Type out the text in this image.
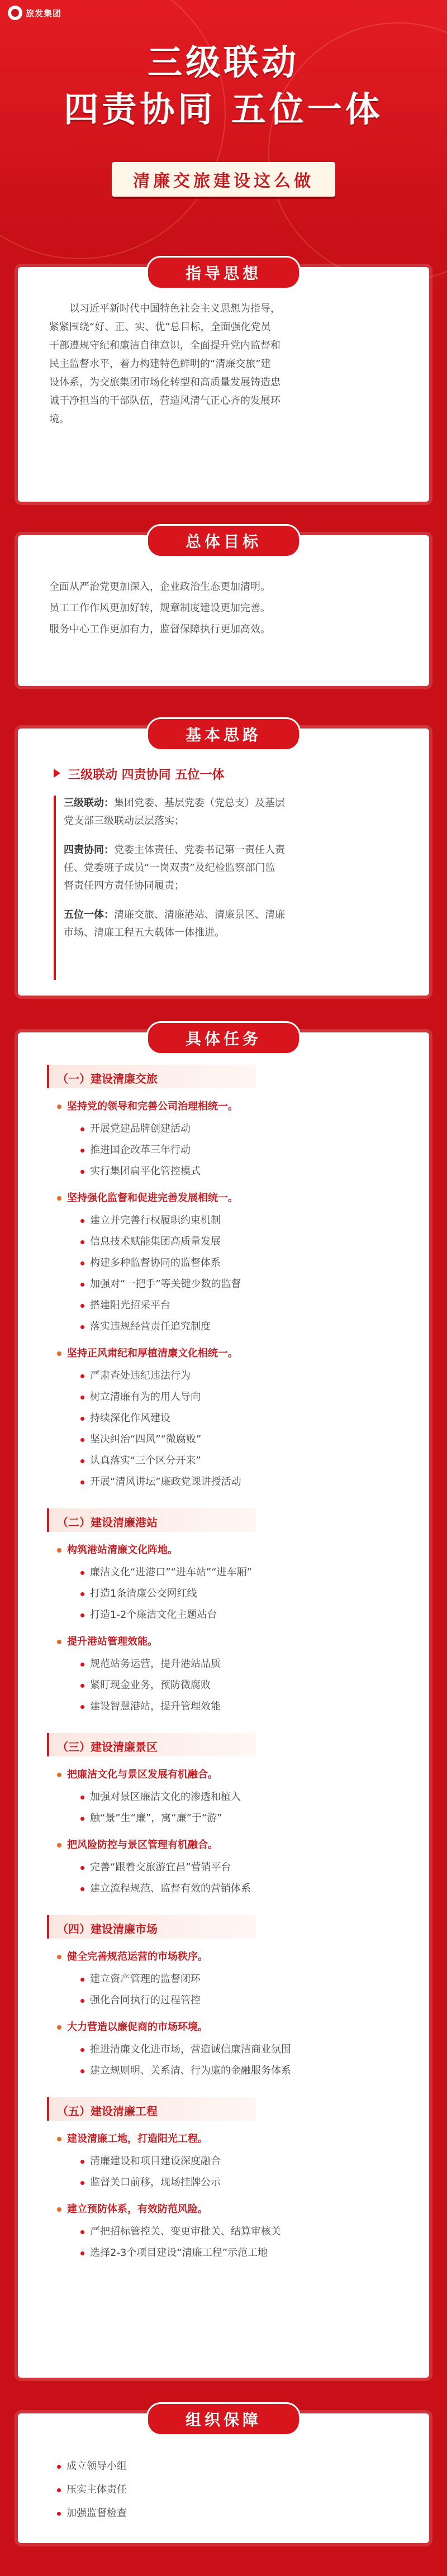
旅发集团
三级联动
四责协同 五位一体
清廉交旅建设这么做
指导思想
以习近平新时代中国特色社会主义思想为指导，
紧紧围绕“好、正、实、优”总目标，全面强化党员
干部遵规守纪和廉洁自律意识，全面提升党内监督和
民主监督水平，着力构建特色鲜明的“清廉交旅”建
设体系，为交旅集团市场化转型和高质量发展铸造忠
诚干净担当的干部队伍，营造风清气正心齐的发展环
境。
总体目标
全面从严治党更加深入，企业政治生态更加清明。
员工工作作风更加好转，规章制度建设更加完善。
服务中心工作更加有力，监督保障执行更加高效。
基本思路
三级联动 四责协同 五位一体
三级联动：集团党委、基层党委（党总支）及基层
党支部三级联动层层落实；
四责协同：党委主体责任、党委书记第一责任人责
任、党委班子成员“一岗双责”及纪检监察部门监
督责任四方责任协同履责；
五位一体：清廉交旅、清廉港站、清廉景区、清廉
市场、清廉工程五大载体一体推进。
具体任务
（一）建设清廉交旅
坚持党的领导和完善公司治理相统一。
开展党建品牌创建活动
推进国企改革三年行动
实行集团扁平化管控模式
坚持强化监督和促进完善发展相统一。
建立并完善行权履职约束机制
信息技术赋能集团高质量发展
构建多种监督协同的监督体系
加强对“一把手”等关键少数的监督
搭建阳光招采平台
落实违规经营责任追究制度
坚持正风肃纪和厚植清廉文化相统一。
严肃查处违纪违法行为
树立清廉有为的用人导向
持续深化作风建设
坚决纠治“四风”“微腐败”
认真落实“三个区分开来”
开展“清风讲坛”廉政党课讲授活动
（二）建设清廉港站
构筑港站清廉文化阵地。
廉洁文化“进港口”“进车站”“进车厢”
打造1条清廉公交网红线
打造1-2个廉洁文化主题站台
提升港站管理效能。
规范站务运营，提升港站品质
紧盯现金业务，预防微腐败
建设智慧港站，提升管理效能
（三）建设清廉景区
把廉洁文化与景区发展有机融合。
加强对景区廉洁文化的渗透和植入
触“景”生“廉”，寓“廉”于“游”
把风险防控与景区管理有机融合。
完善“跟着交旅游宜昌”营销平台
建立流程规范、监督有效的营销体系
（四）建设清廉市场
健全完善规范运营的市场秩序。
建立资产管理的监督闭环
强化合同执行的过程管控
大力营造以廉促商的市场环境。
推进清廉文化进市场，营造诚信廉洁商业氛围
建立规则明、关系清、行为廉的金融服务体系
（五）建设清廉工程
建设清廉工地，打造阳光工程。
清廉建设和项目建设深度融合
监督关口前移，现场挂牌公示
建立预防体系，有效防范风险。
严把招标管控关、变更审批关、结算审核关
选择2-3个项目建设“清廉工程”示范工地
组织保障
成立领导小组
压实主体责任
加强监督检查
